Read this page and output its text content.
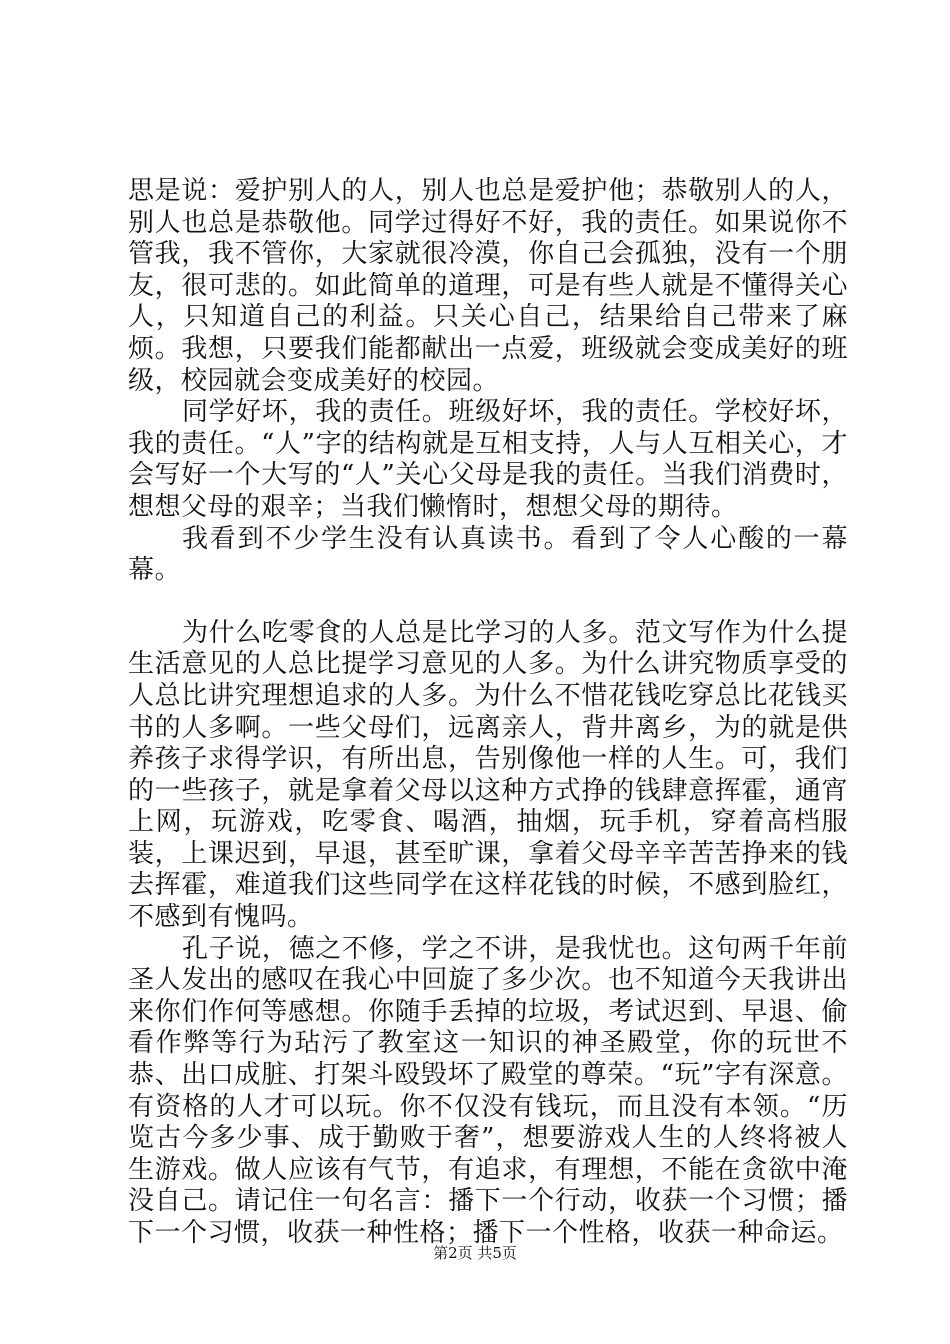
思是说：爱护别人的人，别人也总是爱护他；恭敬别人的人，别人也总是恭敬他。同学过得好不好，我的责任。如果说你不管我，我不管你，大家就很冷漠，你自己会孤独，没有一个朋友，很可悲的。如此简单的道理，可是有些人就是不懂得关心人，只知道自己的利益。只关心自己，结果给自己带来了麻烦。我想，只要我们能都献出一点爱，班级就会变成美好的班级，校园就会变成美好的校园。

同学好坏，我的责任。班级好坏，我的责任。学校好坏，我的责任。“人”字的结构就是互相支持，人与人互相关心，才会写好一个大写的“人”关心父母是我的责任。当我们消费时，想想父母的艰辛；当我们懒惰时，想想父母的期待。

我看到不少学生没有认真读书。看到了令人心酸的一幕幕。

为什么吃零食的人总是比学习的人多。范文写作为什么提生活意见的人总比提学习意见的人多。为什么讲究物质享受的人总比讲究理想追求的人多。为什么不惜花钱吃穿总比花钱买书的人多啊。一些父母们，远离亲人，背井离乡，为的就是供养孩子求得学识，有所出息，告别像他一样的人生。可，我们的一些孩子，就是拿着父母以这种方式挣的钱肆意挥霍，通宵上网，玩游戏，吃零食、喝酒，抽烟，玩手机，穿着高档服装，上课迟到，早退，甚至旷课，拿着父母辛辛苦苦挣来的钱去挥霍，难道我们这些同学在这样花钱的时候，不感到脸红，不感到有愧吗。

孔子说，德之不修，学之不讲，是我忧也。这句两千年前圣人发出的感叹在我心中回旋了多少次。也不知道今天我讲出来你们作何等感想。你随手丢掉的垃圾，考试迟到、早退、偷看作弊等行为玷污了教室这一知识的神圣殿堂，你的玩世不恭、出口成脏、打架斗殴毁坏了殿堂的尊荣。“玩”字有深意。有资格的人才可以玩。你不仅没有钱玩，而且没有本领。“历览古今多少事、成于勤败于奢”，想要游戏人生的人终将被人生游戏。做人应该有气节，有追求，有理想，不能在贪欲中淹没自己。请记住一句名言：播下一个行动，收获一个习惯；播下一个习惯，收获一种性格；播下一个性格，收获一种命运。

第2页 共5页
